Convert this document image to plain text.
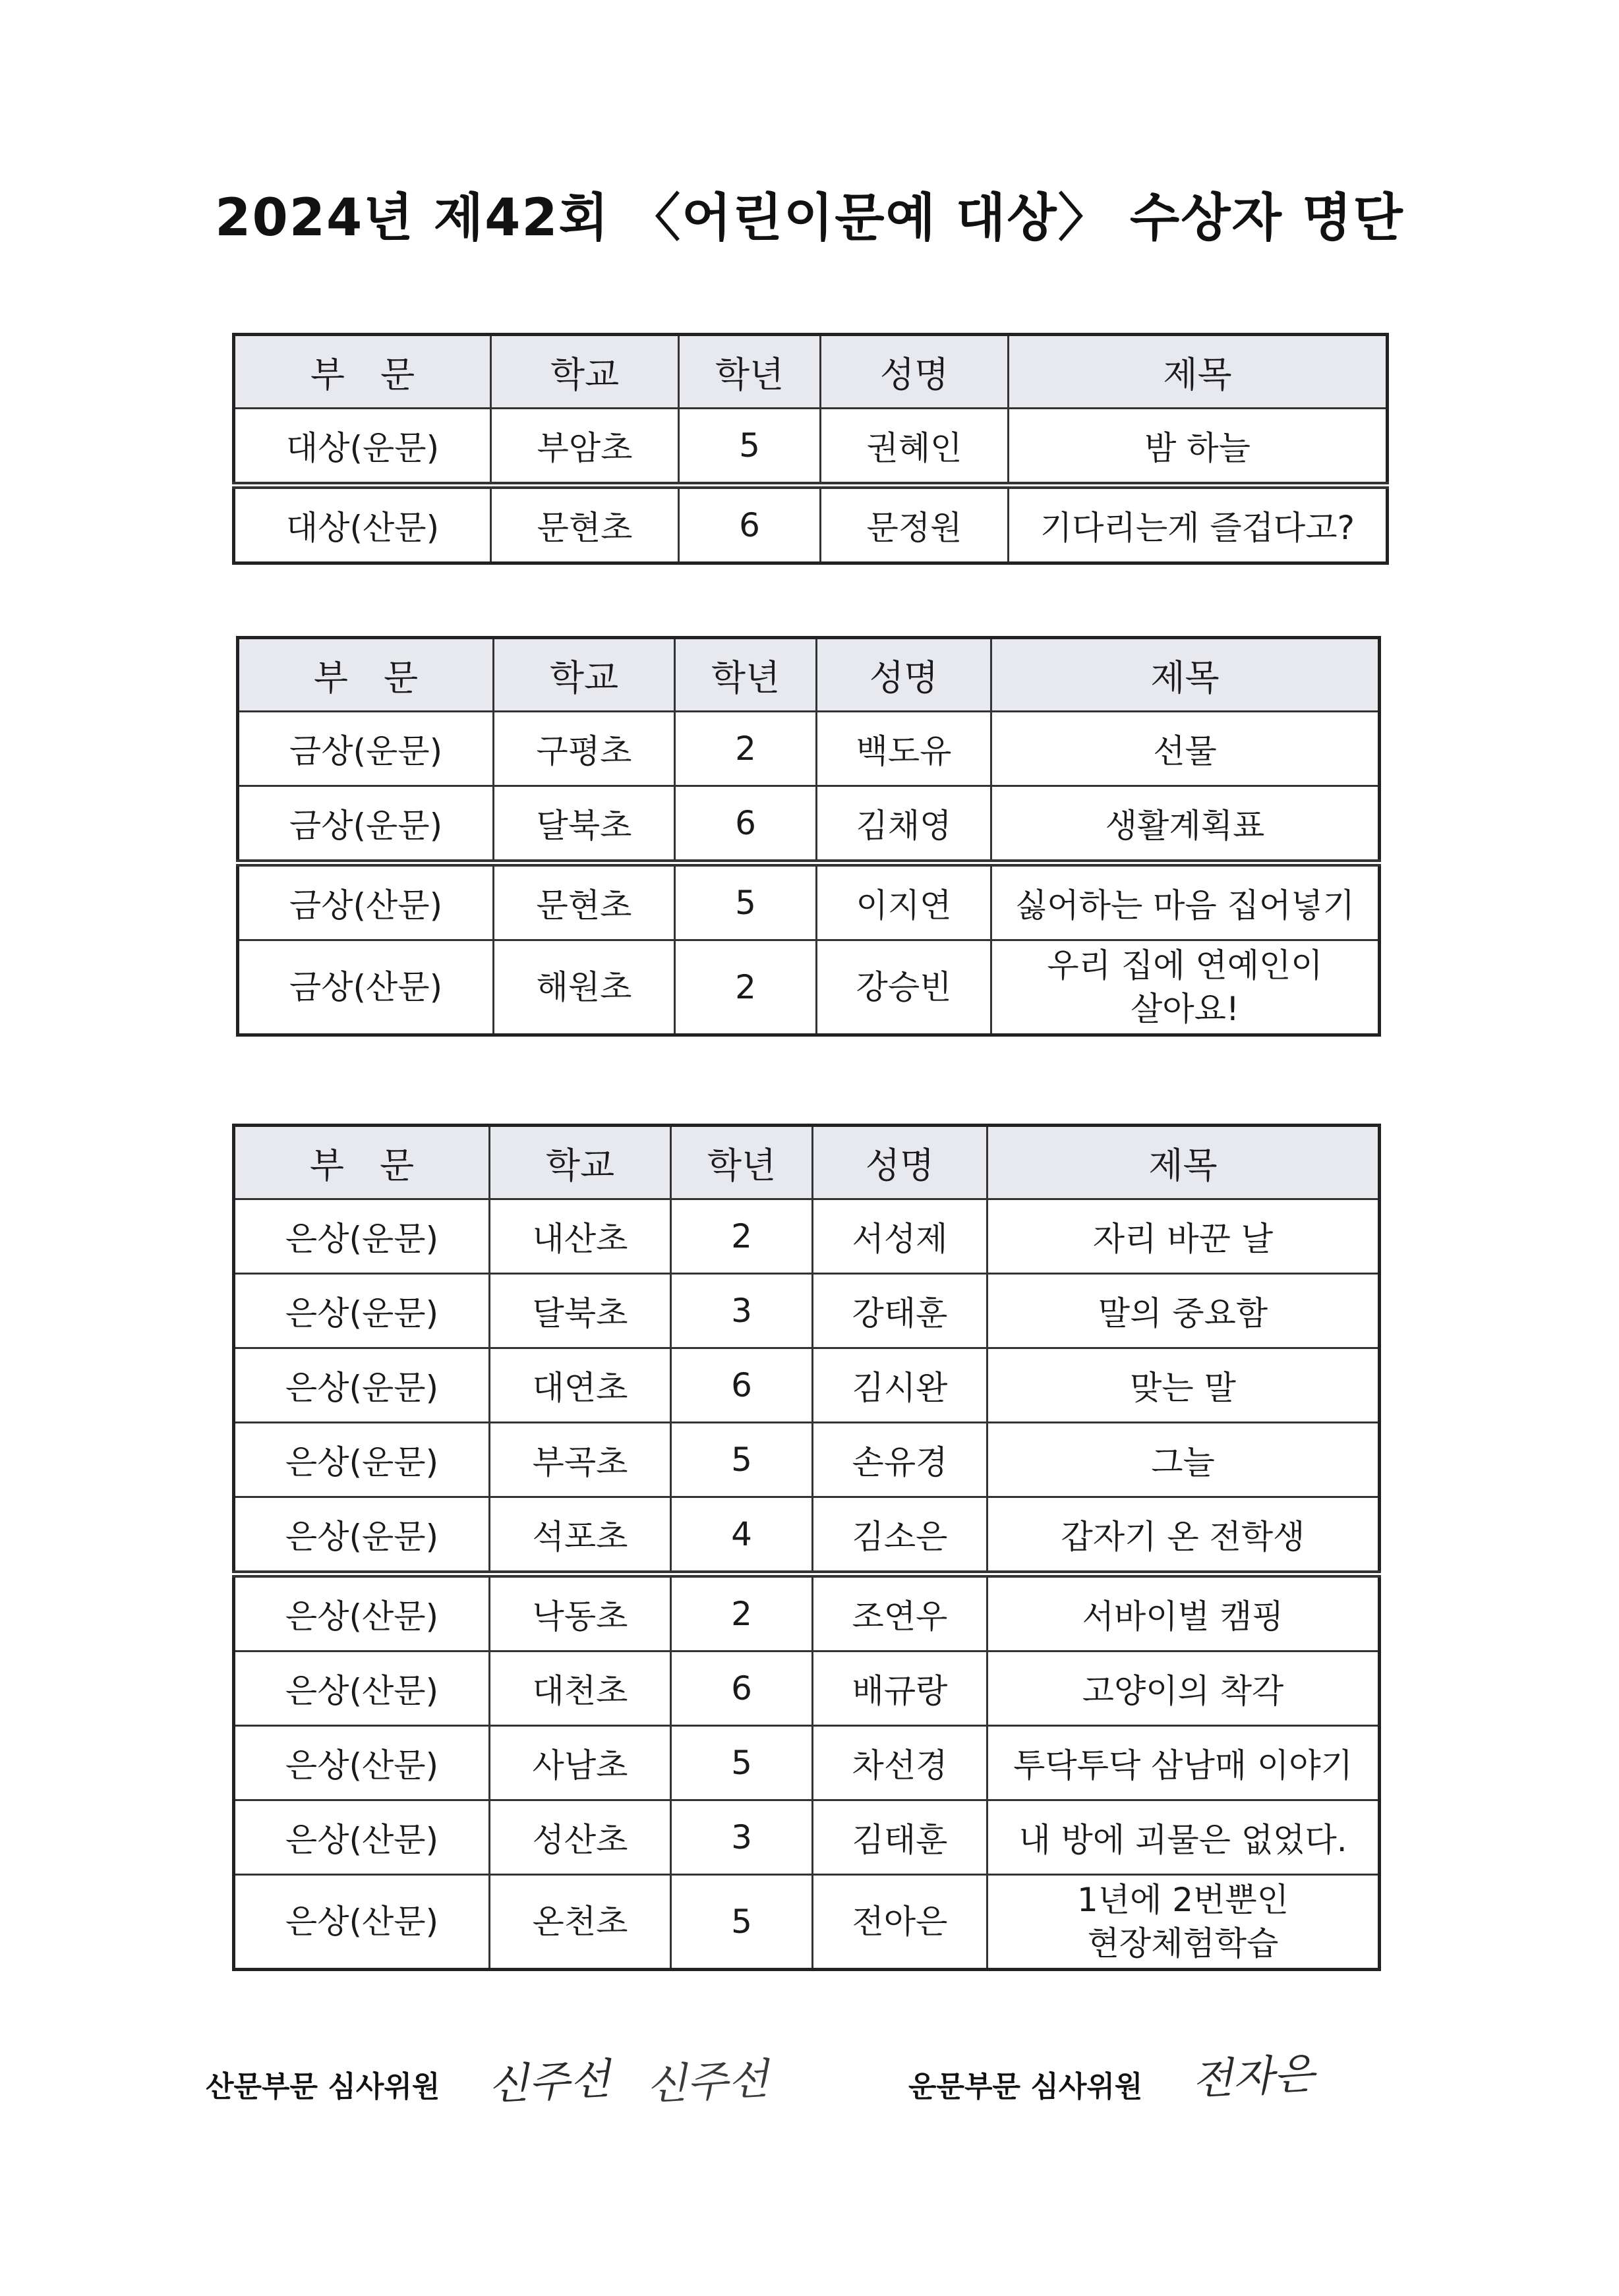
2024년 제42회 〈어린이문예 대상〉 수상자 명단
부　문	학교	학년	성명	제목
대상(운문)	부암초	5	권혜인	밤 하늘
대상(산문)	문현초	6	문정원	기다리는게 즐겁다고?
부　문	학교	학년	성명	제목
금상(운문)	구평초	2	백도유	선물
금상(운문)	달북초	6	김채영	생활계획표
금상(산문)	문현초	5	이지연	싫어하는 마음 집어넣기
금상(산문)	해원초	2	강승빈	우리 집에 연예인이
살아요!
부　문	학교	학년	성명	제목
은상(운문)	내산초	2	서성제	자리 바꾼 날
은상(운문)	달북초	3	강태훈	말의 중요함
은상(운문)	대연초	6	김시완	맞는 말
은상(운문)	부곡초	5	손유경	그늘
은상(운문)	석포초	4	김소은	갑자기 온 전학생
은상(산문)	낙동초	2	조연우	서바이벌 캠핑
은상(산문)	대천초	6	배규랑	고양이의 착각
은상(산문)	사남초	5	차선경	투닥투닥 삼남매 이야기
은상(산문)	성산초	3	김태훈	내 방에 괴물은 없었다.
은상(산문)	온천초	5	전아은	1년에 2번뿐인
현장체험학습
산문부문 심사위원 신주선 신주선	운문부문 심사위원 전자은
